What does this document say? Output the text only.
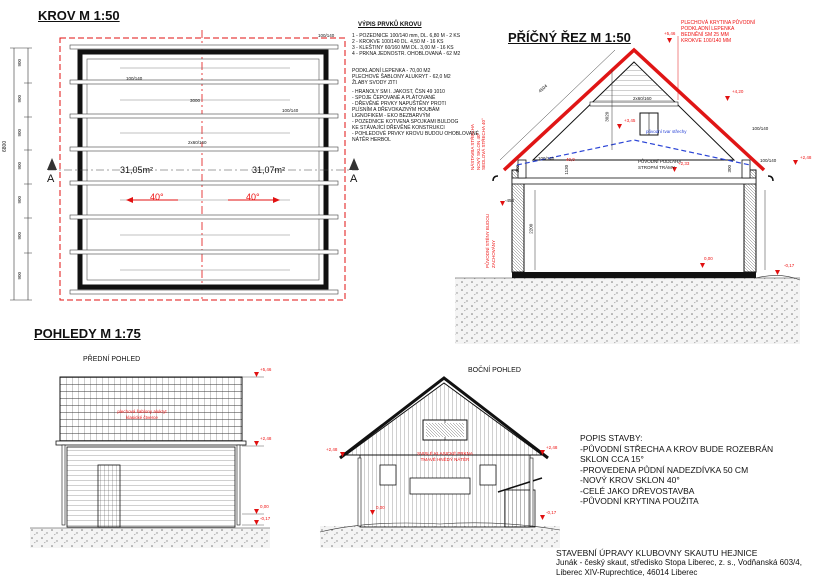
KROV M 1:50

6800
900
900
900
900
900
900
900
100/140
100/140
100/140
3000
2x60/160
A	A
31,05m²	31,07m²
40°	40°
VÝPIS PRVKŮ KROVU
1 - POZEDNICE 100/140 mm, DL. 6,80 M - 2 KS
2 - KROKVE 100/140 DL. 4,50 M - 16 KS
3 - KLEŠTINY 60/160 MM DL. 3,00 M - 16 KS
4 - PRKNA JEDNOSTR. OHOBLOVANÁ - 62 M2
PODKLADNÍ LEPENKA - 70,00 M2
PLECHOVÉ ŠABLONY ALUKRYT - 62,0 M2
ŽLABY SVODY ZITI
- HRANOLY SM I. JAKOST, ČSN 49 1010
- SPOJE ČEPOVANÉ A PLÁTOVANÉ
- DŘEVĚNÉ PRVKY NAPUŠTĚNY PROTI
PLÍSNÍM A DŘEVOKAZNÝM HOUBÁM
LIGNOFIKEM - EKO BEZBARVÝM
- POZEDNICE KOTVENA SPOJKAMI BULDOG
KE STÁVAJÍCÍ DŘEVĚNÉ KONSTRUKCI
- POHLEDOVÉ PRVKY KROVU BUDOU OHOBLOVANÉ
NÁTĚR HERBOL
PŘÍČNÝ ŘEZ M 1:50
PLECHOVÁ KRYTINA PŮVODNÍ
PODKLADNÍ LEPENKA
BEDNĚNÍ SM 25 MM
KROKVE 100/140 MM
+5,46
+4,20
+3,45
+2,33
+2,48
0,00
-0,17
4504
3020
2x60/160
2200
1130
300	300
100/140
100/140
100/140
-450
40,0
původní tvar střechy
PŮVODNÍ PODLAHA
STROPNÍ TRÁMY
NÁSTAVBA STŘECHA NOVÝ SKLON 40° SEDLOVÁ STŘECHA 40°
PŮVODNÍ STĚNY BUDOU ZACHOVÁNY
POHLEDY M 1:75
PŘEDNÍ POHLED
BOČNÍ POHLED
plechová šablony alukryt
klasické čtverce
SVISLÉ KLASICKÉ PRKNA
TMAVĚ HNĚDÝ NÁTĚR
+5,46
+2,48
0,00
-0,17
+2,48
0,00
+2,48
-0,17
POPIS STAVBY:
-PŮVODNÍ STŘECHA A KROV BUDE ROZEBRÁN
SKLON CCA 15°
-PROVEDENA PŮDNÍ NADEZDÍVKA 50 CM
-NOVÝ KROV SKLON 40°
-CELÉ JAKO DŘEVOSTAVBA
-PŮVODNÍ KRYTINA POUŽITA
STAVEBNÍ ÚPRAVY KLUBOVNY SKAUTU HEJNICE
Junák - český skaut, středisko Stopa Liberec, z. s., Vodňanská 603/4,
Liberec XIV-Ruprechtice, 46014 Liberec
